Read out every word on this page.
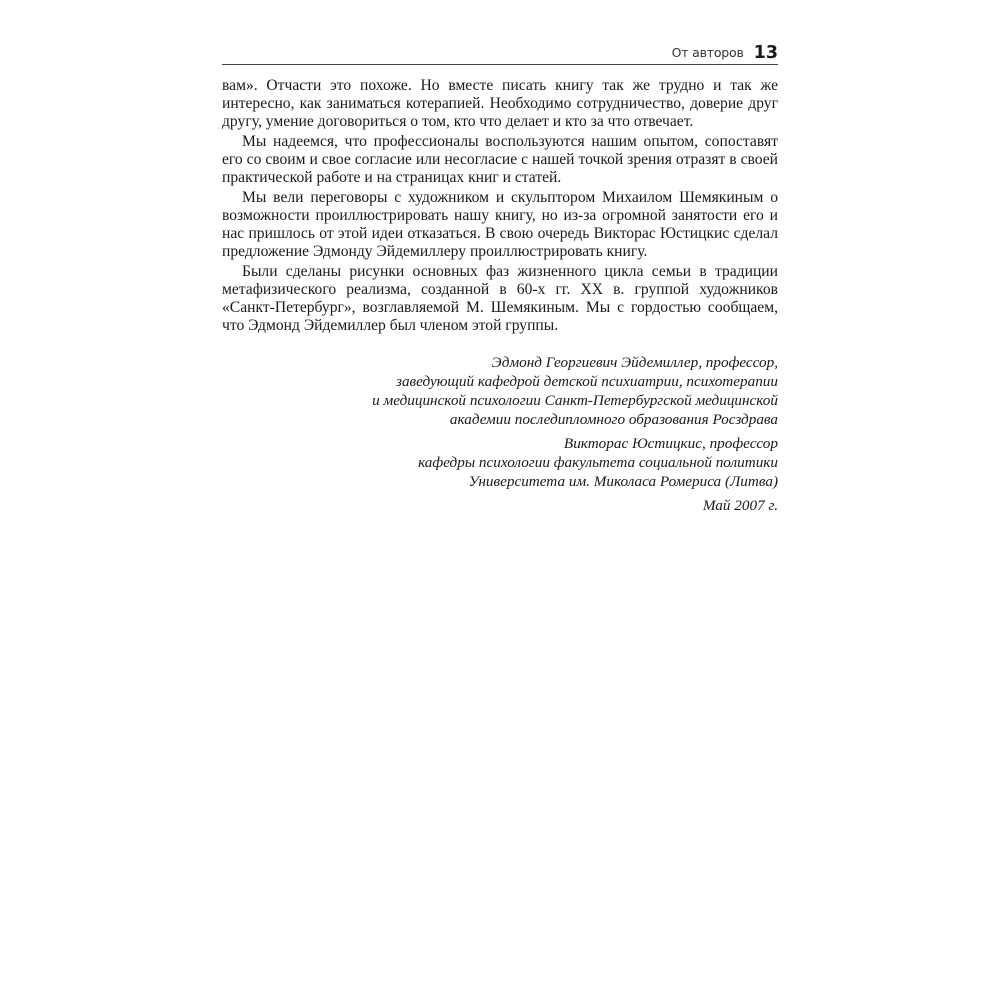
От авторов 13

вам». Отчасти это похоже. Но вместе писать книгу так же трудно и так же интересно, как заниматься котерапией. Необходимо сотрудничество, доверие друг другу, умение договориться о том, кто что делает и кто за что отвечает.

Мы надеемся, что профессионалы воспользуются нашим опытом, сопоставят его со своим и свое согласие или несогласие с нашей точкой зрения отразят в своей практической работе и на страницах книг и статей.

Мы вели переговоры с художником и скульптором Михаилом Шемякиным о возможности проиллюстрировать нашу книгу, но из-за огромной занятости его и нас пришлось от этой идеи отказаться. В свою очередь Викторас Юстицкис сделал предложение Эдмонду Эйдемиллеру проиллюстрировать книгу.

Были сделаны рисунки основных фаз жизненного цикла семьи в традиции метафизического реализма, созданной в 60-х гг. XX в. группой художников «Санкт-Петербург», возглавляемой М. Шемякиным. Мы с гордостью сообщаем, что Эдмонд Эйдемиллер был членом этой группы.

Эдмонд Георгиевич Эйдемиллер, профессор,
заведующий кафедрой детской психиатрии, психотерапии
и медицинской психологии Санкт-Петербургской медицинской
академии последипломного образования Росздрава
Викторас Юстицкис, профессор
кафедры психологии факультета социальной политики
Университета им. Миколаса Ромериса (Литва)
Май 2007 г.
